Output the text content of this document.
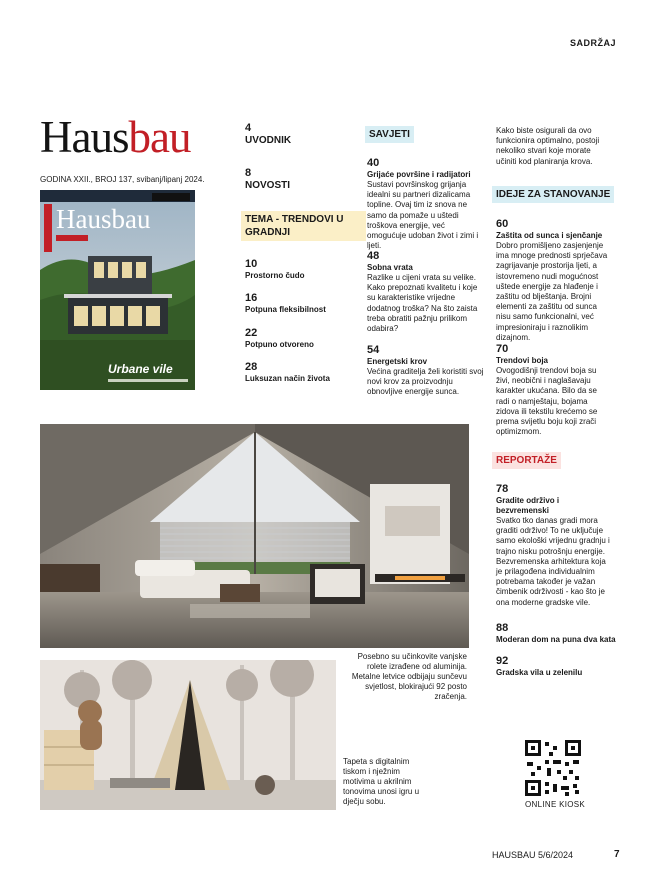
SADRŽAJ
Hausbau
GODINA XXII., BROJ 137, svibanj/lipanj 2024.
Hausbau
Urbane vile
4
UVODNIK
8
NOVOSTI
TEMA - TRENDOVI U GRADNJI
10
Prostorno čudo
16
Potpuna fleksibilnost
22
Potpuno otvoreno
28
Luksuzan način života
SAVJETI
40
Grijaće površine i radijatori
Sustavi površinskog grijanja idealni su partneri dizalicama topline. Ovaj tim iz snova ne samo da pomaže u uštedi troškova energije, već omogućuje udoban život i zimi i ljeti.
48
Sobna vrata
Razlike u cijeni vrata su velike. Kako prepoznati kvalitetu i koje su karakteristike vrijedne dodatnog troška? Na što zaista treba obratiti pažnju prilikom odabira?
54
Energetski krov
Većina graditelja želi koristiti svoj novi krov za proizvodnju obnovljive energije sunca.
Kako biste osigurali da ovo funkcionira optimalno, postoji nekoliko stvari koje morate učiniti kod planiranja krova.
IDEJE ZA STANOVANJE
60
Zaštita od sunca i sjenčanje
Dobro promišljeno zasjenjenje ima mnoge prednosti sprječava zagrijavanje prostorija ljeti, a istovremeno nudi mogućnost uštede energije za hlađenje i zaštitu od blještanja. Brojni elementi za zaštitu od sunca nisu samo funkcionalni, već impresioniraju i raznolikim dizajnom.
70
Trendovi boja
Ovogodišnji trendovi boja su živi, neobični i naglašavaju karakter ukućana. Bilo da se radi o namještaju, bojama zidova ili tekstilu krećemo se prema svijetlu boju koji zrači optimizmom.
REPORTAŽE
78
Gradite održivo i bezvremenski
Svatko tko danas gradi mora graditi održivo! To ne uključuje samo ekološki vrijednu gradnju i trajno nisku potrošnju energije. Bezvremenska arhitektura koja je prilagođena individualnim potrebama također je važan čimbenik održivosti - kao što je ona moderne gradske vile.
88
Moderan dom na puna dva kata
92
Gradska vila u zelenilu
Posebno su učinkovite vanjske rolete izrađene od aluminija. Metalne letvice odbijaju sunčevu svjetlost, blokirajući 92 posto zračenja.
Tapeta s digitalnim tiskom i nježnim motivima u akrilnim tonovima unosi igru u dječju sobu.	ONLINE KIOSK
HAUSBAU 5/6/2024	7
